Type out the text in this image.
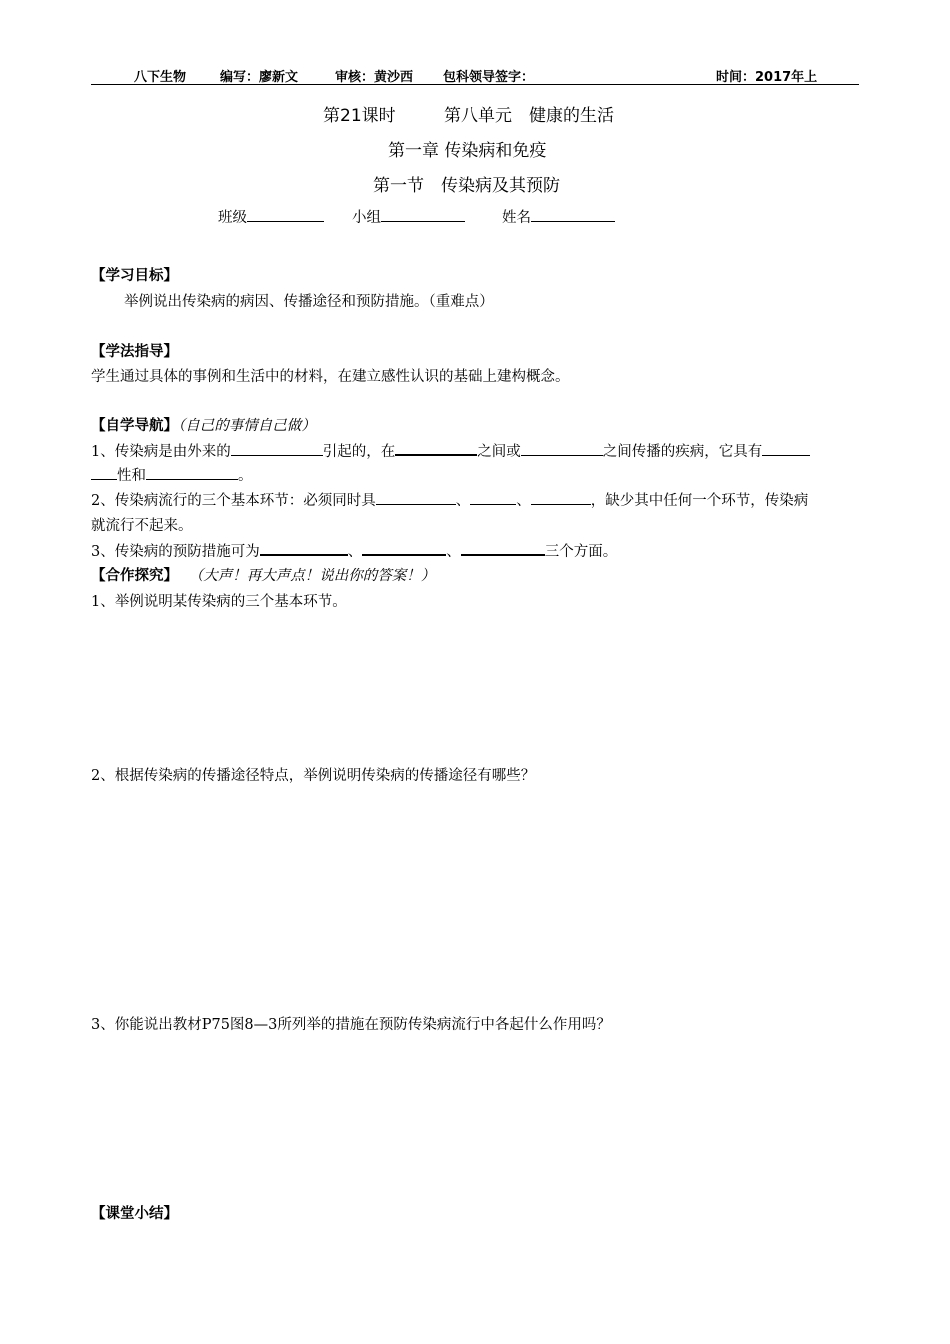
八下生物	编写：廖新文	审核：黄沙西 包科领导签字：	时间：2017年上
第21课时	第八单元　健康的生活
第一章 传染病和免疫
第一节　传染病及其预防
班级	小组	姓名
【学习目标】
举例说出传染病的病因、传播途径和预防措施。（重难点）
【学法指导】
学生通过具体的事例和生活中的材料，在建立感性认识的基础上建构概念。
【自学导航】（自己的事情自己做）
1、传染病是由外来的	引起的，在	之间或	之间传播的疾病，它具有
性和	。
2、传染病流行的三个基本环节：必须同时具	、	、	，缺少其中任何一个环节，传染病
就流行不起来。
3、传染病的预防措施可为	、	、	三个方面。
【合作探究】 （大声！再大声点！说出你的答案！）
1、举例说明某传染病的三个基本环节。
2、根据传染病的传播途径特点，举例说明传染病的传播途径有哪些？
3、你能说出教材P75图8—3所列举的措施在预防传染病流行中各起什么作用吗？
【课堂小结】
